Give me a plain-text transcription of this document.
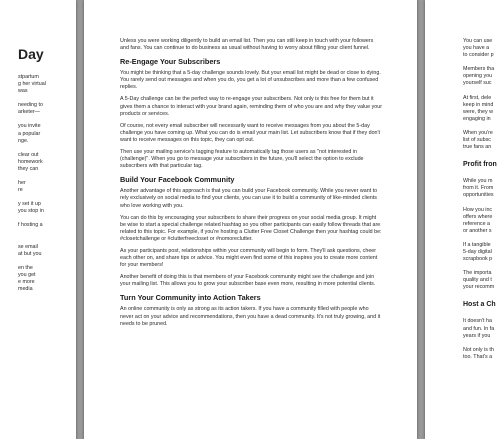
Day
stpartum
g her virtual
was
needing to
arketer—
you invite
a popular
nge.
clear out
homework
they can
her
re
y set it up
you stop in
f hosting a
se email
at but you
en the
you get
e more
media

Unless you were working diligently to build an email list. Then you can still keep in touch with your followers and fans. You can continue to do business as usual without having to worry about filling your client funnel.

Re-Engage Your Subscribers

You might be thinking that a 5-day challenge sounds lovely. But your email list might be dead or close to dying. You rarely send out messages and when you do, you get a lot of unsubscribes and more than a few confused replies.

A 5-Day challenge can be the perfect way to re-engage your subscribers. Not only is this free for them but it gives them a chance to interact with your brand again, reminding them of who you are and why they value your products or services.

Of course, not every email subscriber will necessarily want to receive messages from you about the 5-day challenge you have coming up. What you can do is email your main list. Let subscribers know that if they don't want to receive messages on this topic, they can opt out.

Then use your mailing service's tagging feature to automatically tag those users as "not interested in (challenge)". When you go to message your subscribers in the future, you'll select the option to exclude subscribers with that particular tag.

Build Your Facebook Community

Another advantage of this approach is that you can build your Facebook community. While you never want to rely exclusively on social media to find your clients, you can use it to build a community of like-minded clients who love working with you.

You can do this by encouraging your subscribers to share their progress on your social media group. It might be wise to start a special challenge related hashtag so you other participants can easily follow threads that are related to this topic. For example, if you're hosting a Clutter Free Closet Challenge then your hashtag could be: #closetchallenge or #clutterfreecloset or #nomoreclutter.

As your participants post, relationships within your community will begin to form. They'll ask questions, cheer each other on, and share tips or advice. You might even find some of this inspires you to create more content for your members!

Another benefit of doing this is that members of your Facebook community might see the challenge and join your mailing list. This allows you to grow your subscriber base even more, resulting in more potential clients.

Turn Your Community into Action Takers

An online community is only as strong as its action takers. If you have a community filled with people who never act on your advice and recommendations, then you have a dead community. It's not truly growing, and it needs to be pruned.

You can use
you have a
to consider p
Members tha
opening you
yourself suc
At first, dele
keep in mind
were, they w
engaging in
When you're
list of subsc
true fans an
Profit fron
While you m
from it. From
opportunities
How you inc
offers where
reference a
or another s
If a tangible
5-day digital
scrapbook p
The importa
quality and t
your recomm
Host a Ch
It doesn't ha
and fun. In fa
years if you
Not only is th
too. That's a
